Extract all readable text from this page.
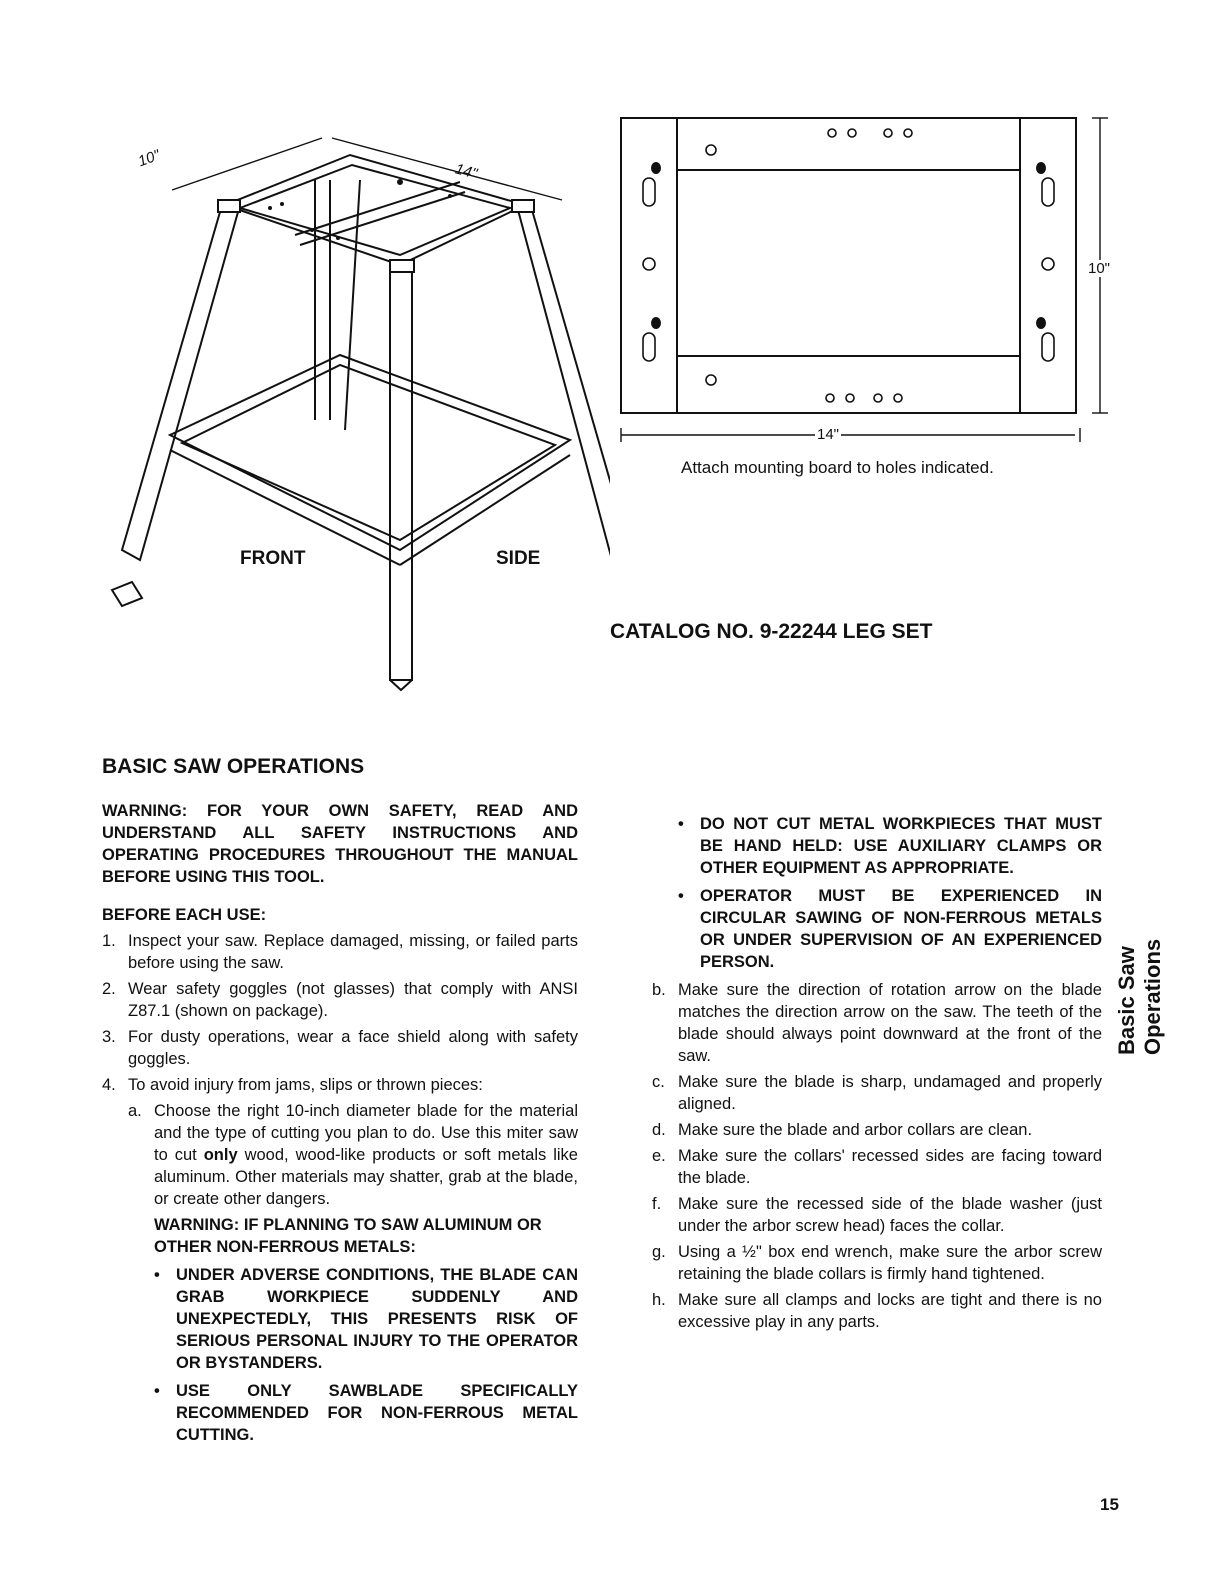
10"
14"
FRONT	SIDE
14"
10"
Attach mounting board to holes indicated.
CATALOG NO. 9-22244 LEG SET
BASIC SAW OPERATIONS

WARNING: FOR YOUR OWN SAFETY, READ AND UNDERSTAND ALL SAFETY INSTRUCTIONS AND OPERATING PROCEDURES THROUGHOUT THE MANUAL BEFORE USING THIS TOOL.

BEFORE EACH USE:

1. Inspect your saw. Replace damaged, missing, or failed parts before using the saw.
2. Wear safety goggles (not glasses) that comply with ANSI Z87.1 (shown on package).
3. For dusty operations, wear a face shield along with safety goggles.
4. To avoid injury from jams, slips or thrown pieces:
a. Choose the right 10-inch diameter blade for the material and the type of cutting you plan to do. Use this miter saw to cut only wood, wood-like products or soft metals like aluminum. Other materials may shatter, grab at the blade, or create other dangers.

WARNING: IF PLANNING TO SAW ALUMINUM OR OTHER NON-FERROUS METALS:

• UNDER ADVERSE CONDITIONS, THE BLADE CAN GRAB WORKPIECE SUDDENLY AND UNEXPECTEDLY, THIS PRESENTS RISK OF SERIOUS PERSONAL INJURY TO THE OPERATOR OR BYSTANDERS.
• USE ONLY SAWBLADE SPECIFICALLY RECOMMENDED FOR NON-FERROUS METAL CUTTING.
• DO NOT CUT METAL WORKPIECES THAT MUST BE HAND HELD: USE AUXILIARY CLAMPS OR OTHER EQUIPMENT AS APPROPRIATE.
• OPERATOR MUST BE EXPERIENCED IN CIRCULAR SAWING OF NON-FERROUS METALS OR UNDER SUPERVISION OF AN EXPERIENCED PERSON.
b. Make sure the direction of rotation arrow on the blade matches the direction arrow on the saw. The teeth of the blade should always point downward at the front of the saw.
c. Make sure the blade is sharp, undamaged and properly aligned.
d. Make sure the blade and arbor collars are clean.
e. Make sure the collars' recessed sides are facing toward the blade.
f.	Make sure the recessed side of the blade washer (just under the arbor screw head) faces the collar.
g. Using a ½" box end wrench, make sure the arbor screw retaining the blade collars is firmly hand tightened.
h. Make sure all clamps and locks are tight and there is no excessive play in any parts.
Basic Saw Operations
15
